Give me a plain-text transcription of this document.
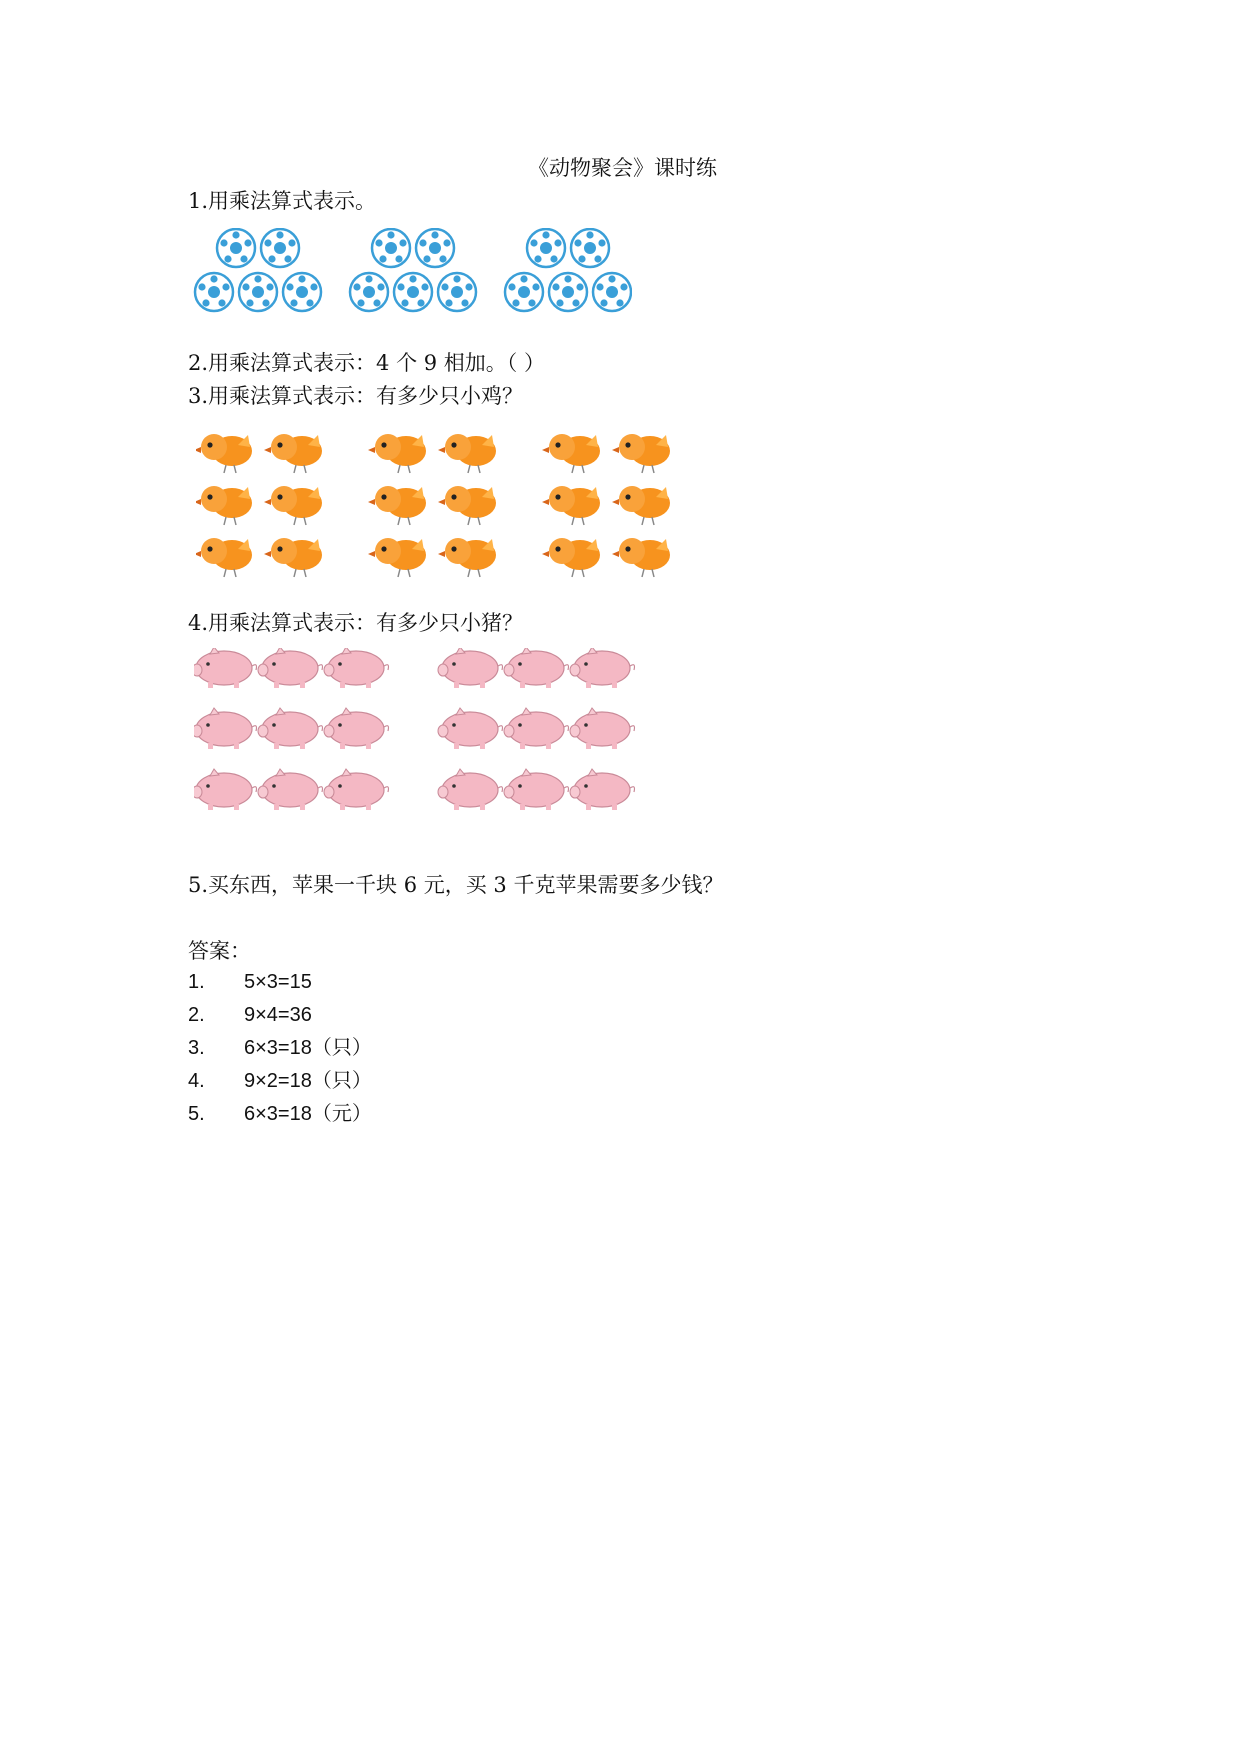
《动物聚会》课时练
1.用乘法算式表示。
2.用乘法算式表示：4 个 9 相加。（ ）
3.用乘法算式表示：有多少只小鸡？
4.用乘法算式表示：有多少只小猪？
5.买东西，苹果一千块 6 元，买 3 千克苹果需要多少钱？
答案：
1. 5×3=15
2. 9×4=36
3. 6×3=18（只）
4. 9×2=18（只）
5. 6×3=18（元）
